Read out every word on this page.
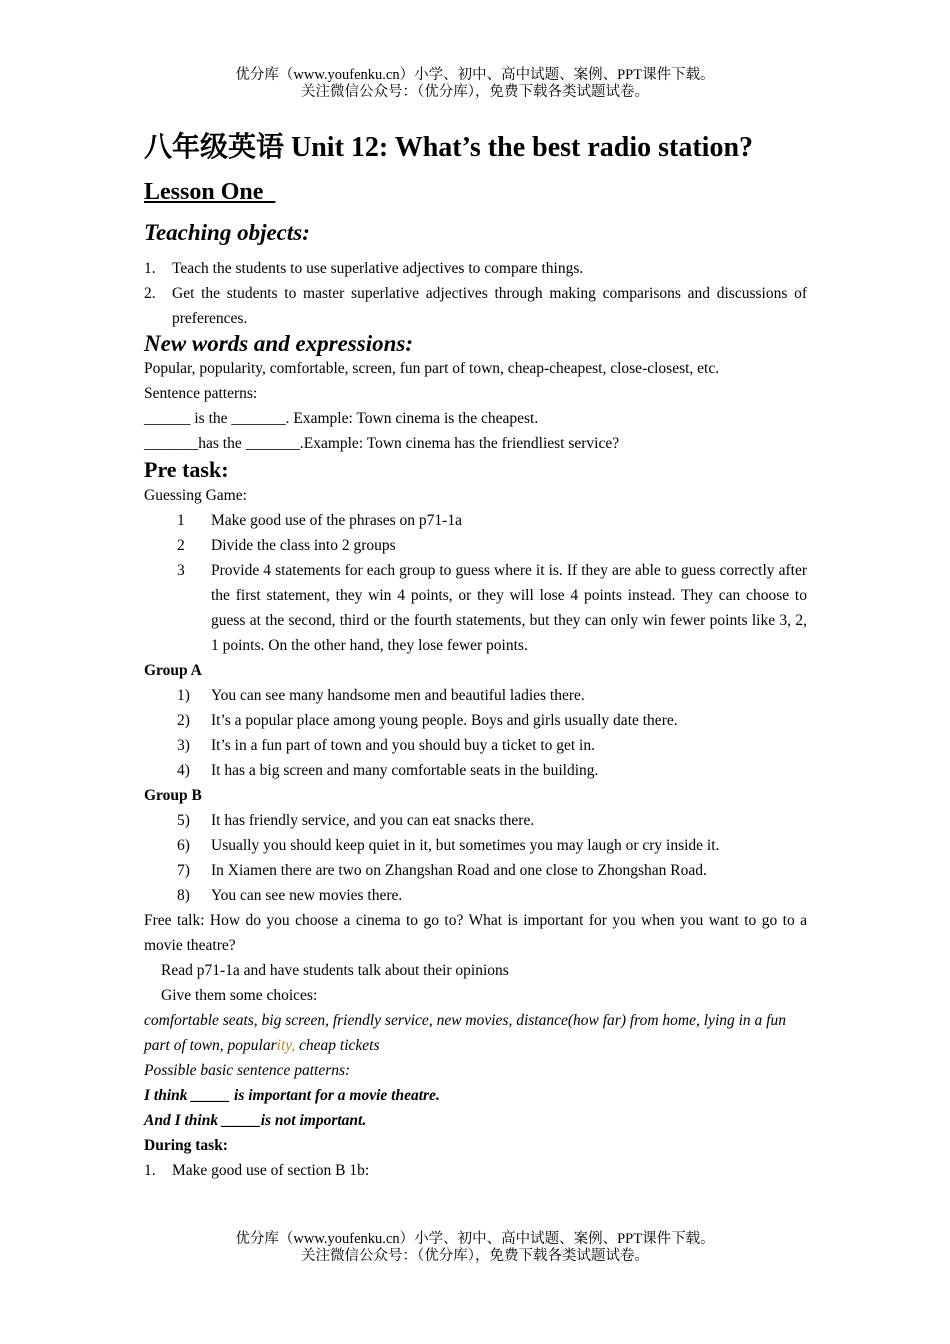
优分库（www.youfenku.cn）小学、初中、高中试题、案例、PPT课件下载。
关注微信公众号：（优分库），免费下载各类试题试卷。
八年级英语 Unit 12: What’s the best radio station?
Lesson One
Teaching objects:
1. Teach the students to use superlative adjectives to compare things.
2. Get the students to master superlative adjectives through making comparisons and discussions of preferences.
New words and expressions:
Popular, popularity, comfortable, screen, fun part of town, cheap-cheapest, close-closest, etc.
Sentence patterns:
______ is the _______. Example: Town cinema is the cheapest.
_______has the _______.Example: Town cinema has the friendliest service?
Pre task:
Guessing Game:
1 Make good use of the phrases on p71-1a
2 Divide the class into 2 groups
3 Provide 4 statements for each group to guess where it is. If they are able to guess correctly after the first statement, they win 4 points, or they will lose 4 points instead. They can choose to guess at the second, third or the fourth statements, but they can only win fewer points like 3, 2, 1 points. On the other hand, they lose fewer points.
Group A
1) You can see many handsome men and beautiful ladies there.
2) It’s a popular place among young people. Boys and girls usually date there.
3) It’s in a fun part of town and you should buy a ticket to get in.
4) It has a big screen and many comfortable seats in the building.
Group B
5) It has friendly service, and you can eat snacks there.
6) Usually you should keep quiet in it, but sometimes you may laugh or cry inside it.
7) In Xiamen there are two on Zhangshan Road and one close to Zhongshan Road.
8) You can see new movies there.
Free talk: How do you choose a cinema to go to? What is important for you when you want to go to a movie theatre?
Read p71-1a and have students talk about their opinions
Give them some choices:
comfortable seats, big screen, friendly service, new movies, distance(how far) from home, lying in a fun part of town, popularity, cheap tickets
Possible basic sentence patterns:
I think _____ is important for a movie theatre.
And I think _____is not important.
During task:
1. Make good use of section B 1b:
优分库（www.youfenku.cn）小学、初中、高中试题、案例、PPT课件下载。
关注微信公众号：（优分库），免费下载各类试题试卷。
